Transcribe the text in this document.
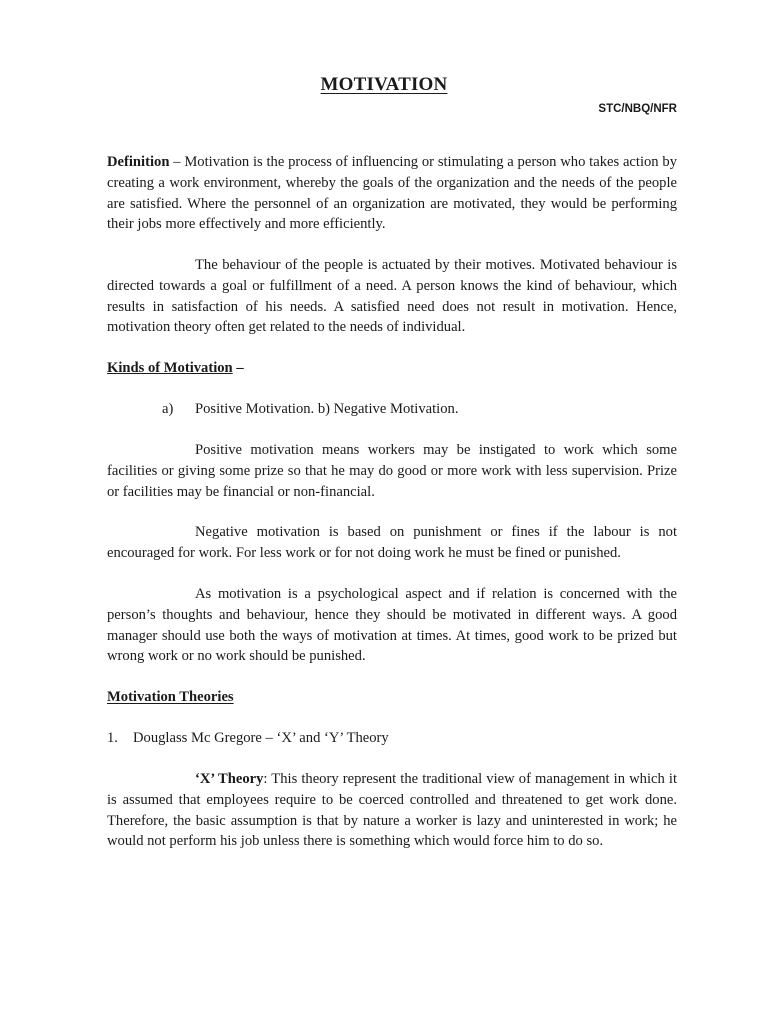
MOTIVATION
STC/NBQ/NFR

Definition – Motivation is the process of influencing or stimulating a person who takes action by creating a work environment, whereby the goals of the organization and the needs of the people are satisfied. Where the personnel of an organization are motivated, they would be performing their jobs more effectively and more efficiently.

The behaviour of the people is actuated by their motives. Motivated behaviour is directed towards a goal or fulfillment of a need. A person knows the kind of behaviour, which results in satisfaction of his needs. A satisfied need does not result in motivation. Hence, motivation theory often get related to the needs of individual.

Kinds of Motivation –

a) Positive Motivation. b) Negative Motivation.

Positive motivation means workers may be instigated to work which some facilities or giving some prize so that he may do good or more work with less supervision. Prize or facilities may be financial or non-financial.

Negative motivation is based on punishment or fines if the labour is not encouraged for work. For less work or for not doing work he must be fined or punished.

As motivation is a psychological aspect and if relation is concerned with the person’s thoughts and behaviour, hence they should be motivated in different ways. A good manager should use both the ways of motivation at times. At times, good work to be prized but wrong work or no work should be punished.

Motivation Theories

1. Douglass Mc Gregore – ‘X’ and ‘Y’ Theory

‘X’ Theory: This theory represent the traditional view of management in which it is assumed that employees require to be coerced controlled and threatened to get work done. Therefore, the basic assumption is that by nature a worker is lazy and uninterested in work; he would not perform his job unless there is something which would force him to do so.
